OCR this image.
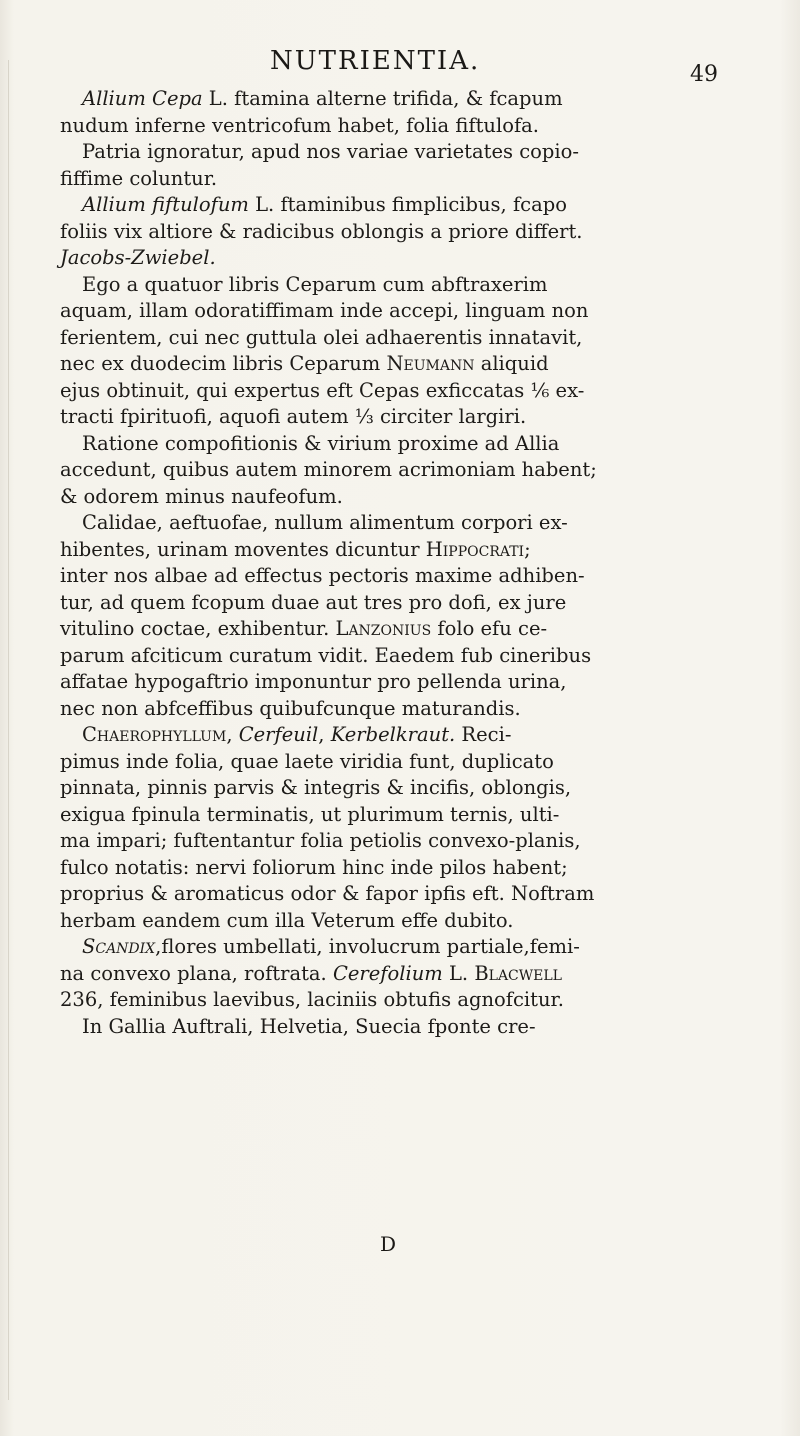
NUTRIENTIA.	49
Allium Cepa L. ftamina alterne trifida, & fcapum
nudum inferne ventricofum habet, folia fiftulofa.
Patria ignoratur, apud nos variae varietates copio-
fiffime coluntur.
Allium fiftulofum L. ftaminibus fimplicibus, fcapo
foliis vix altiore & radicibus oblongis a priore differt.
Jacobs-Zwiebel.
Ego a quatuor libris Ceparum cum abftraxerim
aquam, illam odoratiffimam inde accepi, linguam non
ferientem, cui nec guttula olei adhaerentis innatavit,
nec ex duodecim libris Ceparum Neumann aliquid
ejus obtinuit, qui expertus eft Cepas exficcatas ⅙ ex-
tracti fpirituofi, aquofi autem ⅓ circiter largiri.
Ratione compofitionis & virium proxime ad Allia
accedunt, quibus autem minorem acrimoniam habent;
& odorem minus naufeofum.
Calidae, aeftuofae, nullum alimentum corpori ex-
hibentes, urinam moventes dicuntur Hippocrati;
inter nos albae ad effectus pectoris maxime adhiben-
tur, ad quem fcopum duae aut tres pro dofi, ex jure
vitulino coctae, exhibentur. Lanzonius folo efu ce-
parum afciticum curatum vidit. Eaedem fub cineribus
affatae hypogaftrio imponuntur pro pellenda urina,
nec non abfceffibus quibufcunque maturandis.
Chaerophyllum, Cerfeuil, Kerbelkraut. Reci-
pimus inde folia, quae laete viridia funt, duplicato
pinnata, pinnis parvis & integris & incifis, oblongis,
exigua fpinula terminatis, ut plurimum ternis, ulti-
ma impari; fuftentantur folia petiolis convexo-planis,
fulco notatis: nervi foliorum hinc inde pilos habent;
proprius & aromaticus odor & fapor ipfis eft. Noftram
herbam eandem cum illa Veterum effe dubito.
Scandix,flores umbellati, involucrum partiale,femi-
na convexo plana, roftrata. Cerefolium L. Blacwell
236, feminibus laevibus, laciniis obtufis agnofcitur.
In Gallia Auftrali, Helvetia, Suecia fponte cre-
D
